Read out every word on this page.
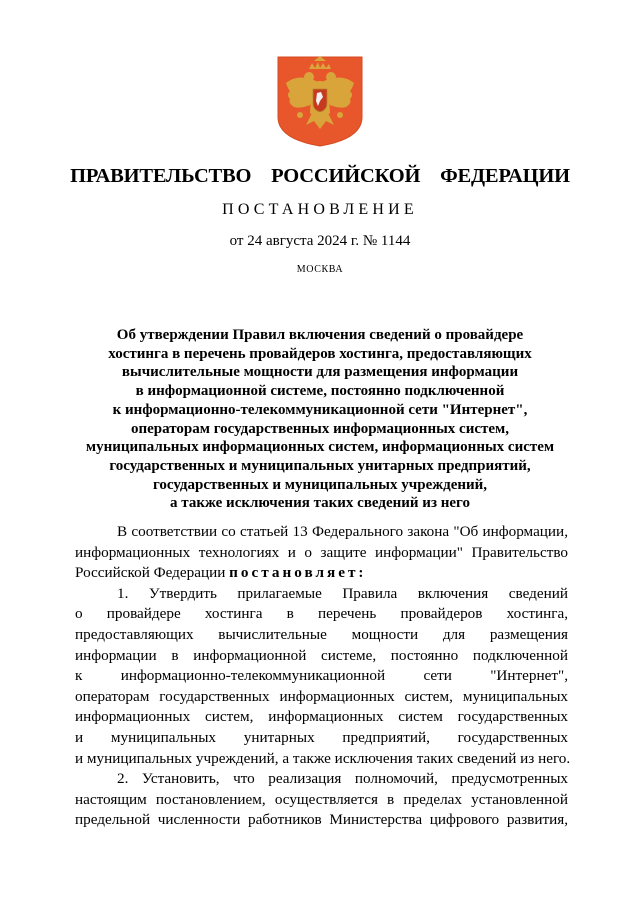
ПРАВИТЕЛЬСТВО  РОССИЙСКОЙ  ФЕДЕРАЦИИ
ПОСТАНОВЛЕНИЕ
от 24 августа 2024 г. № 1144
МОСКВА
Об утверждении Правил включения сведений о провайдере
хостинга в перечень провайдеров хостинга, предоставляющих
вычислительные мощности для размещения информации
в информационной системе, постоянно подключенной
к информационно-телекоммуникационной сети "Интернет",
операторам государственных информационных систем,
муниципальных информационных систем, информационных систем
государственных и муниципальных унитарных предприятий,
государственных и муниципальных учреждений,
а также исключения таких сведений из него
В соответствии со статьей 13 Федерального закона "Об информации,
информационных технологиях и о защите информации" Правительство
Российской Федерации постановляет:
1. Утвердить прилагаемые Правила включения сведений
о провайдере хостинга в перечень провайдеров хостинга,
предоставляющих вычислительные мощности для размещения
информации в информационной системе, постоянно подключенной
к информационно-телекоммуникационной сети "Интернет",
операторам государственных информационных систем, муниципальных
информационных систем, информационных систем государственных
и муниципальных унитарных предприятий, государственных
и муниципальных учреждений, а также исключения таких сведений из него.
2. Установить, что реализация полномочий, предусмотренных
настоящим постановлением, осуществляется в пределах установленной
предельной численности работников Министерства цифрового развития,
